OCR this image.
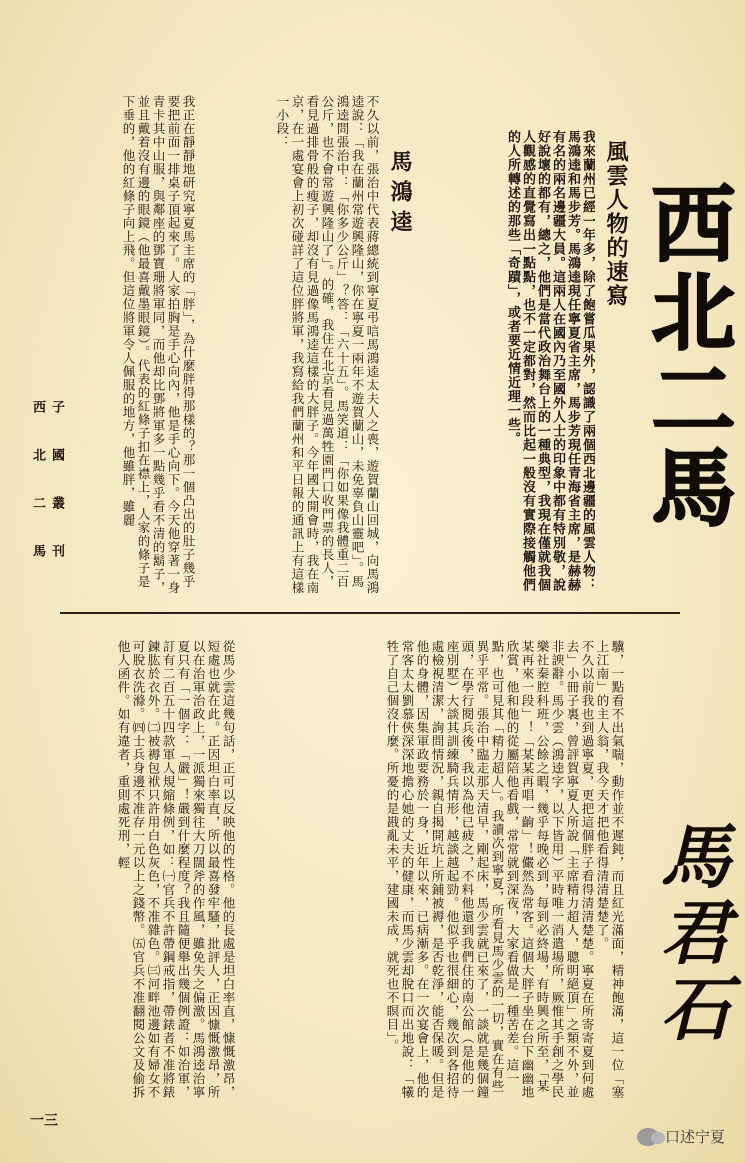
西北二馬
風雲人物的速寫
我來蘭州已經一年多，除了飽嘗瓜果外，認識了兩個西北邊疆的風雲人物：馬鴻逵和馬步芳。馬鴻逵現任寧夏省主席，馬步芳現任青海省主席，是赫赫有名的兩名邊疆大員。這兩人在國內乃至國外人士的印象中都有特別敬，說好說壞的都有，總之，他們是當代政治舞台上的一種典型，我現在僅就我個人觀感的直覺寫出一點點，也不一定都對，然而比起一般沒有實際接觸他們的人所轉述的那些「奇蹟」，或者要近情近理一些。
馬鴻逵
不久以前，張治中代表蔣總統到寧夏弔唁馬鴻逵太夫人之喪，遊賀蘭山回城，向馬鴻逵說：「我在蘭州常遊興隆山，你在寧夏一兩年不遊賀蘭山，未免辜負山靈吧」。馬鴻逵問張治中：「你多少公斤」？答：「六十五」。馬笑道：「你如果像我體重二百公斤，也不會常遊興隆山了」。的確，我住在北京看見過萬牲園門口收門票的長人，看見過排骨般的瘦子，却沒有見過像馬鴻逵這樣的大胖子。今年國大開會時，我在南京，在一處宴會上初次碰詳了這位胖將軍，我寫給我們蘭州和平日報的通訊上有這樣一小段：
我正在靜靜地研究寧夏馬主席的「胖」，為什麼胖得那樣的？那一個凸出的肚子幾乎要把前面一排桌子頂起來了。人家拍胸是手心向內，他是手心向下。今天他穿著一身青卡其中山服，與鄰座的鄧寶珊將軍同，而他却比鄧將軍多一點幾乎看不清的鬍子，並且戴着沒有邊的眼鏡（他最喜戴墨眼鏡）。代表的紅條子扣在襟上，人家的條子是下垂的，他的紅條子向上飛。但這位將軍令人佩服的地方，他雖胖，雖麗
子 國 叢 刊 西 北 二 馬
馬君石
驥，一點看不出氣喘，動作並不遲鈍，而且紅光滿面，精神飽滿，這一位「塞上江南」的主人翁，我今天才把他看得清清楚楚了。
不久以前我也到過寧夏，更把這個胖子看得清清楚楚。寧夏在所寄寄夏到何處去」小冊子裏，曾評賀寧夏人所說「主席精力超人，聰明絕頂」之類不外，並非諛辭。馬少雲（鴻逵字，以下皆用）平時唯一消遣場所，厥惟其手創之學民樂社秦腔科班，公餘之暇，幾乎每晚必到，每到必終場，有時興之所至，「某某再來一段」！「某某再唱一齣」！儼然為常客。這個大胖子坐在台下幽幽地欣賞，他和他的從屬陪他看戲，常常就到深夜，大家看做是一種苦差。這一點，也可見其「精力超人」。我讀次到寧夏，所看見馬少雲的一切，實在有些異乎平常。張治中臨走那天清早，剛起床，馬少雲就已來了，一談就是幾個鐘頭，在學行閱兵後，我以為他已疲之，不料他還到我們住的南公館（是他的一座別墅）大談其訓練騎兵情形，越談越起勁。他似乎也很細心，幾次到各招待處檢視清潔，詢問情況，親自揭開坑上所鋪被褥，是否乾淨，能否保暖。但是他的身體，因集軍政要務於一身，近年以來，已病漸多。在一次宴會上，他的常客太太劉慕俠深深地擔心她的丈夫的健康，而馬少雲却脫口而出地說：「犧牲了自己個沒什麼。所憂的是戡亂未平，建國未成，就死也不瞑目」。
從馬少雲這幾句話，正可以反映他的性格。他的長處是坦白率直，慷慨激昂，短處也就在此。正因坦白率直，所以最喜發牢騷，批評人，正因慷慨激昂，所以在治軍治政上，一派獨來獨往大刀闊斧的作風，雖免失之偏激。馬鴻逵治寧夏只有「一個字：「嚴」！嚴到什麼程度？我且隨便舉出幾個例證：如治軍，訂有二百五十四款軍人規縮條例，如：㈠官兵不許帶鋼戒指，帶錶者不准將錶鍊肱於衣外。㈡被褥包袱只許用白色灰色，不准雜色。㈢河畔池邊如有婦女不可脫衣洗滌。㈣士兵身邊不准存一元以上之錢幣。㈤官兵不准翻閱公文及偷拆他人函件。如有違者，重則處死刑，輕
一三
口述宁夏
